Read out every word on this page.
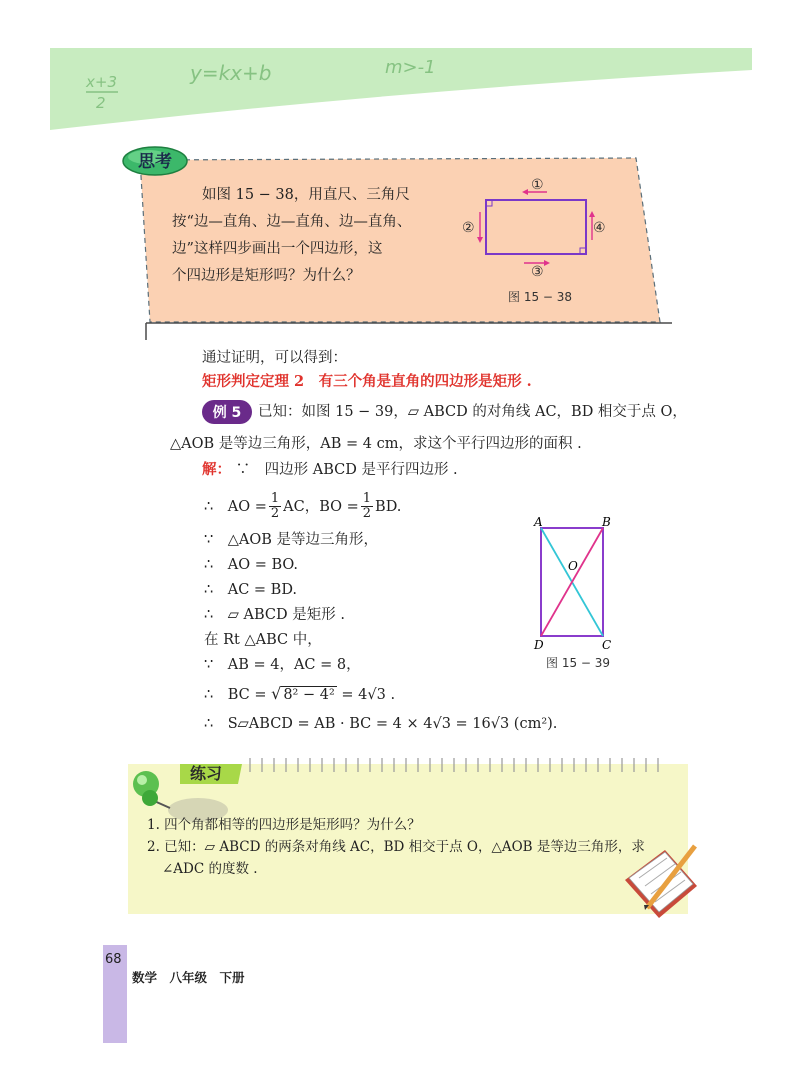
x+3
2
y=kx+b	m>-1
①
②
③
④
思考

如图 15 − 38，用直尺、三角尺

按“边—直角、边—直角、边—直角、

边”这样四步画出一个四边形，这

个四边形是矩形吗？为什么？

图 15 − 38
通过证明，可以得到：
矩形判定定理 2　有三个角是直角的四边形是矩形 .
例 5 已知：如图 15 − 39，▱ ABCD 的对角线 AC，BD 相交于点 O，
△AOB 是等边三角形，AB = 4 cm，求这个平行四边形的面积 .
解： ∵　四边形 ABCD 是平行四边形 .
∴　AO = $\frac{1}{2}$ AC，BO = $\frac{1}{2}$ BD.
∵　△AOB 是等边三角形，
∴　AO = BO.
∴　AC = BD.
∴　▱ ABCD 是矩形 .
在 Rt △ABC 中，
∵　AB = 4，AC = 8，
∴　BC = √ 8² − 4² = 4√3 .
∴　S▱ABCD = AB · BC = 4 × 4√3 = 16√3 (cm²).
A	B
O
D	C
图 15 − 39
练习
1. 四个角都相等的四边形是矩形吗？为什么？
2. 已知：▱ ABCD 的两条对角线 AC，BD 相交于点 O，△AOB 是等边三角形，求
∠ADC 的度数 .
68
数学　八年级　下册
